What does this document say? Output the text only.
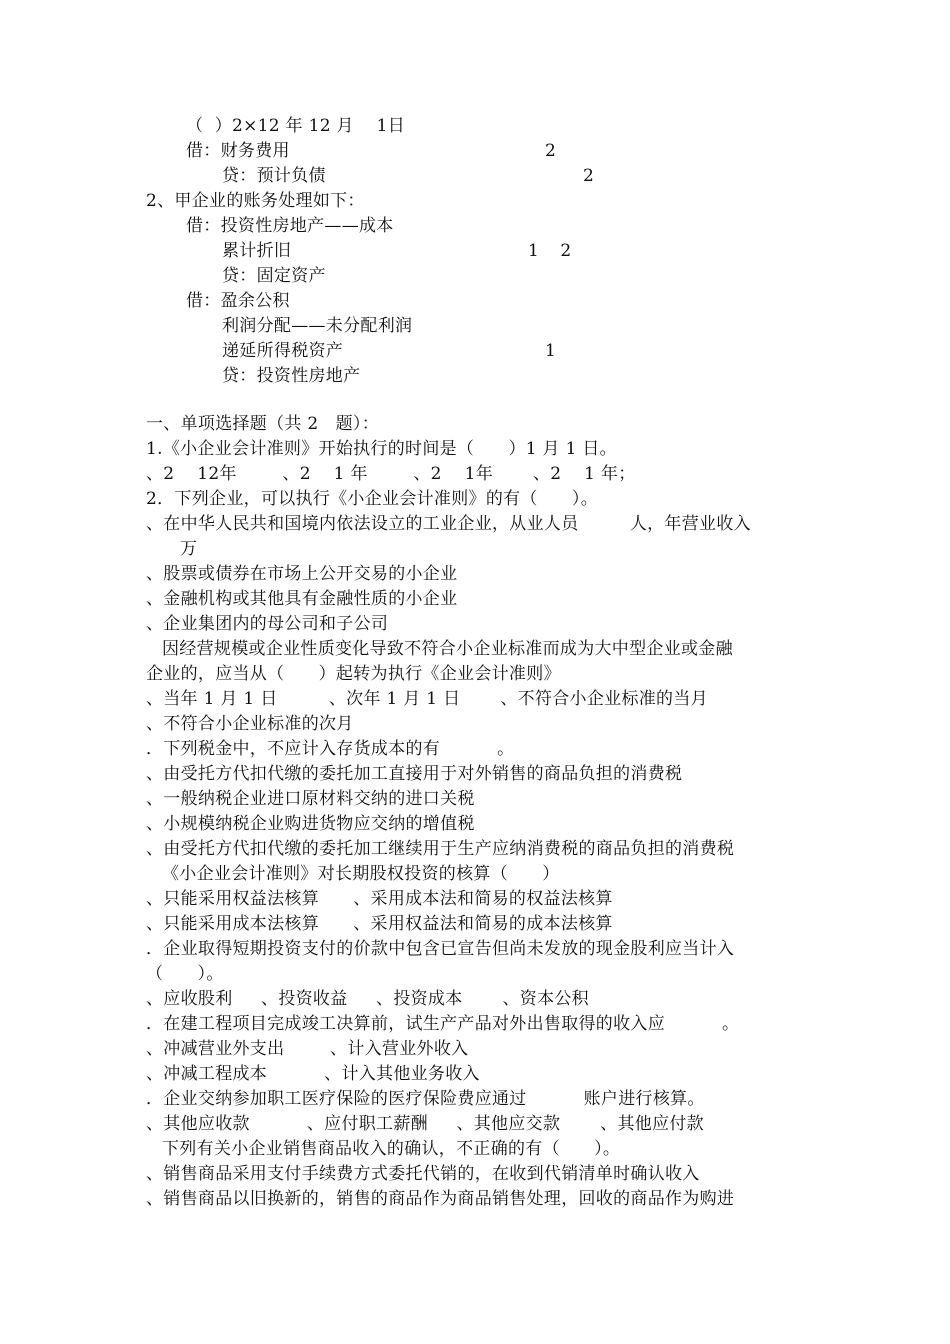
（  ）2×12 年 12 月    1日
借：财务费用	2
贷：预计负债	2
2、甲企业的账务处理如下：
借：投资性房地产——成本
累计折旧	1    2
贷：固定资产
借：盈余公积
利润分配——未分配利润
递延所得税资产	1
贷：投资性房地产
一、单项选择题（共 2   题）：
1.《小企业会计准则》开始执行的时间是（      ）1 月 1 日。
、2    12年        、2    1 年        、2    1年       、2    1 年；
2．下列企业，可以执行《小企业会计准则》的有（      ）。
、在中华人民共和国境内依法设立的工业企业，从业人员         人，年营业收入
万
、股票或债券在市场上公开交易的小企业
、金融机构或其他具有金融性质的小企业
、企业集团内的母公司和子公司
因经营规模或企业性质变化导致不符合小企业标准而成为大中型企业或金融
企业的，应当从（      ）起转为执行《企业会计准则》
、当年 1 月 1 日         、次年 1 月 1 日       、不符合小企业标准的当月
、不符合小企业标准的次月
．下列税金中，不应计入存货成本的有          。
、由受托方代扣代缴的委托加工直接用于对外销售的商品负担的消费税
、一般纳税企业进口原材料交纳的进口关税
、小规模纳税企业购进货物应交纳的增值税
、由受托方代扣代缴的委托加工继续用于生产应纳消费税的商品负担的消费税
《小企业会计准则》对长期股权投资的核算（      ）
、只能采用权益法核算      、采用成本法和简易的权益法核算
、只能采用成本法核算      、采用权益法和简易的成本法核算
．企业取得短期投资支付的价款中包含已宣告但尚未发放的现金股利应当计入
（      ）。
、应收股利     、投资收益     、投资成本       、资本公积
．在建工程项目完成竣工决算前，试生产产品对外出售取得的收入应          。
、冲减营业外支出        、计入营业外收入
、冲减工程成本          、计入其他业务收入
．企业交纳参加职工医疗保险的医疗保险费应通过          账户进行核算。
、其他应收款          、应付职工薪酬     、其他应交款       、其他应付款
下列有关小企业销售商品收入的确认，不正确的有（      ）。
、销售商品采用支付手续费方式委托代销的，在收到代销清单时确认收入
、销售商品以旧换新的，销售的商品作为商品销售处理，回收的商品作为购进
